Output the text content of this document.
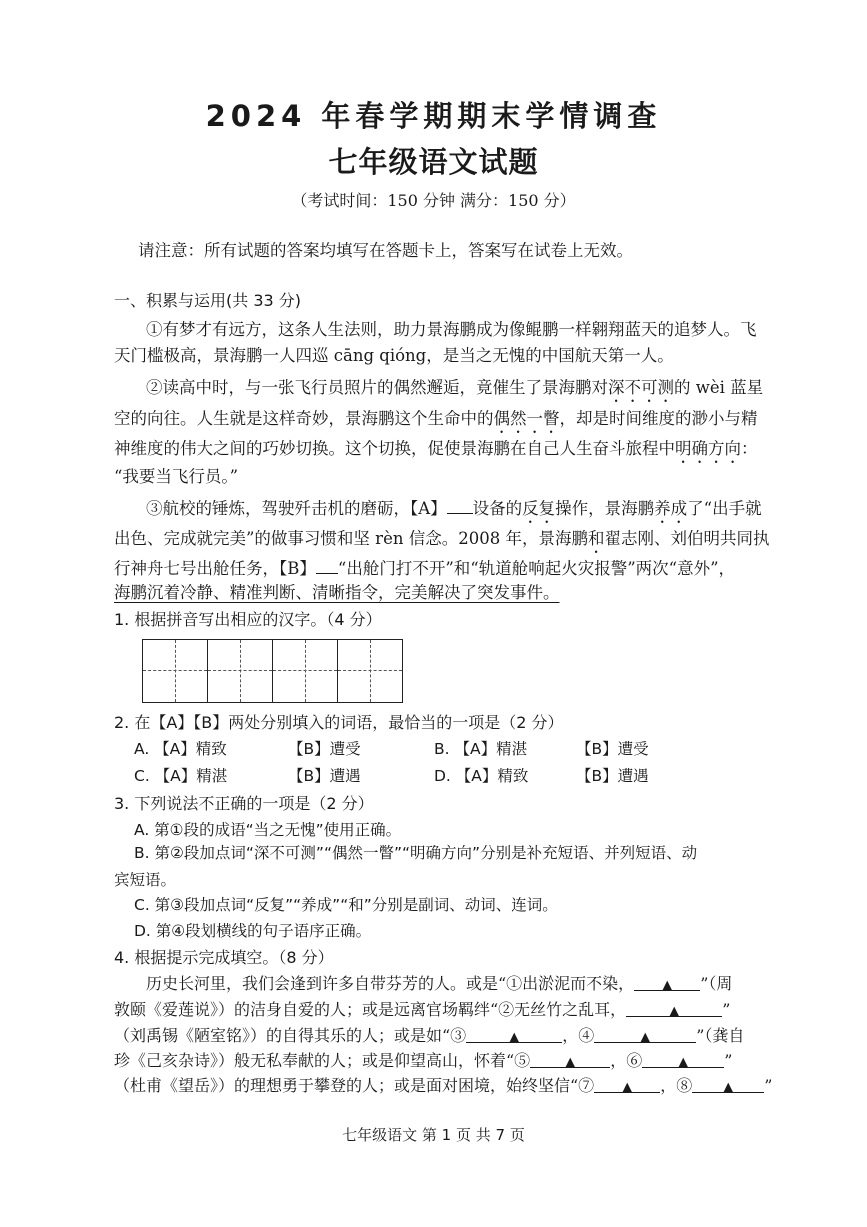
2024 年春学期期末学情调查
七年级语文试题
（考试时间：150 分钟 满分：150 分）
请注意：所有试题的答案均填写在答题卡上，答案写在试卷上无效。
一、积累与运用(共 33 分)
①有梦才有远方，这条人生法则，助力景海鹏成为像鲲鹏一样翱翔蓝天的追梦人。飞
天门槛极高，景海鹏一人四巡 cāng qióng，是当之无愧的中国航天第一人。
②读高中时，与一张飞行员照片的偶然邂逅，竟催生了景海鹏对深不可测的 wèi 蓝星
空的向往。人生就是这样奇妙，景海鹏这个生命中的偶然一瞥，却是时间维度的渺小与精
神维度的伟大之间的巧妙切换。这个切换，促使景海鹏在自己人生奋斗旅程中明确方向：
“我要当飞行员。”
③航校的锤炼，驾驶歼击机的磨砺，【A】 设备的反复操作，景海鹏养成了“出手就
出色、完成就完美”的做事习惯和坚 rèn 信念。2008 年，景海鹏和翟志刚、刘伯明共同执
行神舟七号出舱任务，【B】 “出舱门打不开”和“轨道舱响起火灾报警”两次“意外”，
海鹏沉着冷静、精准判断、清晰指令，完美解决了突发事件。
1. 根据拼音写出相应的汉字。（4 分）
2. 在【A】【B】两处分别填入的词语，最恰当的一项是（2 分）
A. 【A】精致	【B】遭受	B. 【A】精湛	【B】遭受
C. 【A】精湛	【B】遭遇	D. 【A】精致	【B】遭遇
3. 下列说法不正确的一项是（2 分）
A. 第①段的成语“当之无愧”使用正确。
B. 第②段加点词“深不可测”“偶然一瞥”“明确方向”分别是补充短语、并列短语、动
宾短语。
C. 第③段加点词“反复”“养成”“和”分别是副词、动词、连词。
D. 第④段划横线的句子语序正确。
4. 根据提示完成填空。（8 分）
历史长河里，我们会逢到许多自带芬芳的人。或是“①出淤泥而不染， ▲ ”（周
敦颐《爱莲说》）的洁身自爱的人；或是远离官场羁绊“②无丝竹之乱耳，	▲	”
（刘禹锡《陋室铭》）的自得其乐的人；或是如“③	▲	，④	▲	”（龚自
珍《己亥杂诗》）般无私奉献的人；或是仰望高山，怀着“⑤	▲ ，⑥	▲ ”
（杜甫《望岳》）的理想勇于攀登的人；或是面对困境，始终坚信“⑦ ▲ ，⑧ ▲ ”
七年级语文 第 1 页 共 7 页
